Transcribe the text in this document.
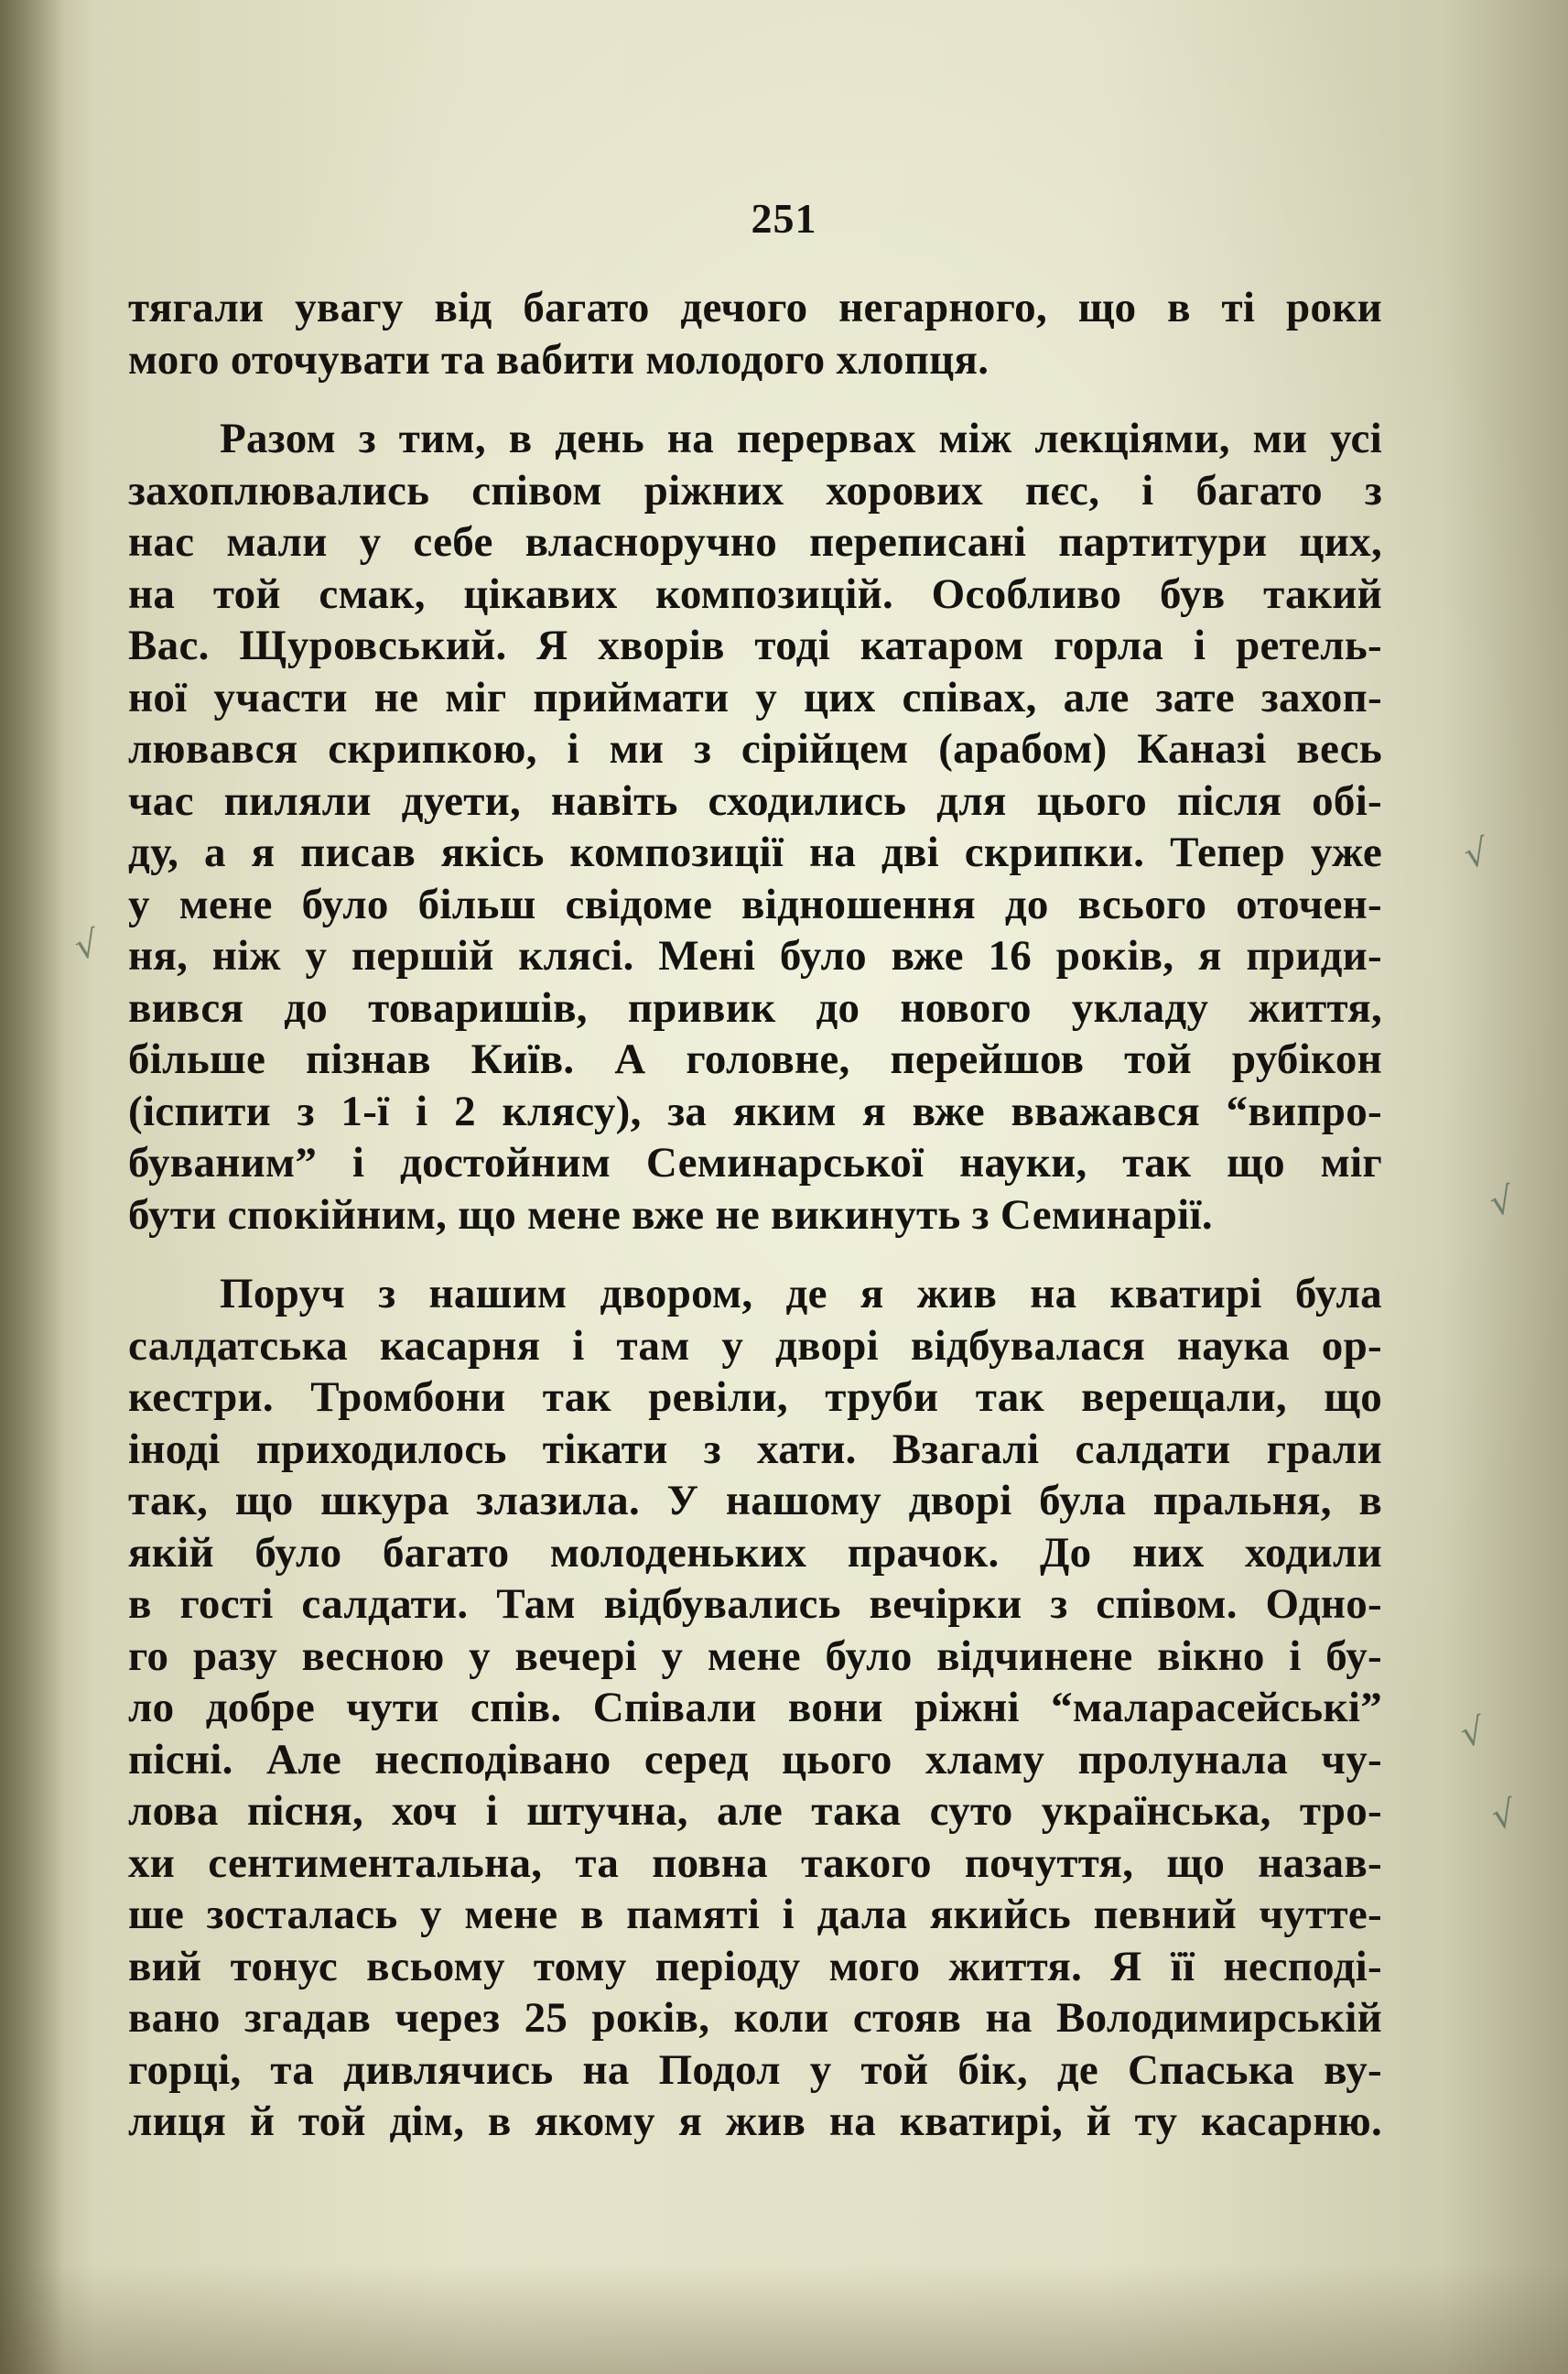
251
тягали увагу від багато дечого негарного, що в ті роки
мого оточувати та вабити молодого хлопця.
Разом з тим, в день на перервах між лекціями, ми усі
захоплювались співом ріжних хорових пєс, і багато з
нас мали у себе власноручно переписані партитури цих,
на той смак, цікавих композицій. Особливо був такий
Вас. Щуровський. Я хворів тоді катаром горла і ретель-
ної участи не міг приймати у цих співах, але зате захоп-
лювався скрипкою, і ми з сірійцем (арабом) Каназі весь
час пиляли дуети, навіть сходились для цього після обі-
ду, а я писав якісь композиції на дві скрипки. Тепер уже
у мене було більш свідоме відношення до всього оточен-
ня, ніж у першій клясі. Мені було вже 16 років, я приди-
вився до товаришів, привик до нового укладу життя,
більше пізнав Київ. А головне, перейшов той рубікон
(іспити з 1-ї і 2 клясу), за яким я вже вважався “випро-
буваним” і достойним Семинарської науки, так що міг
бути спокійним, що мене вже не викинуть з Семинарії.
Поруч з нашим двором, де я жив на кватирі була
салдатська касарня і там у дворі відбувалася наука ор-
кестри. Тромбони так ревіли, труби так верещали, що
іноді приходилось тікати з хати. Взагалі салдати грали
так, що шкура злазила. У нашому дворі була пральня, в
якій було багато молоденьких прачок. До них ходили
в гості салдати. Там відбувались вечірки з співом. Одно-
го разу весною у вечері у мене було відчинене вікно і бу-
ло добре чути спів. Співали вони ріжні “маларасейські”
пісні. Але несподівано серед цього хламу пролунала чу-
лова пісня, хоч і штучна, але така суто українська, тро-
хи сентиментальна, та повна такого почуття, що назав-
ше зосталась у мене в памяті і дала якийсь певний чутте-
вий тонус всьому тому періоду мого життя. Я її несподі-
вано згадав через 25 років, коли стояв на Володимирській
горці, та дивлячись на Подол у той бік, де Спаська ву-
лиця й той дім, в якому я жив на кватирі, й ту касарню.
√
√
√
√
√
